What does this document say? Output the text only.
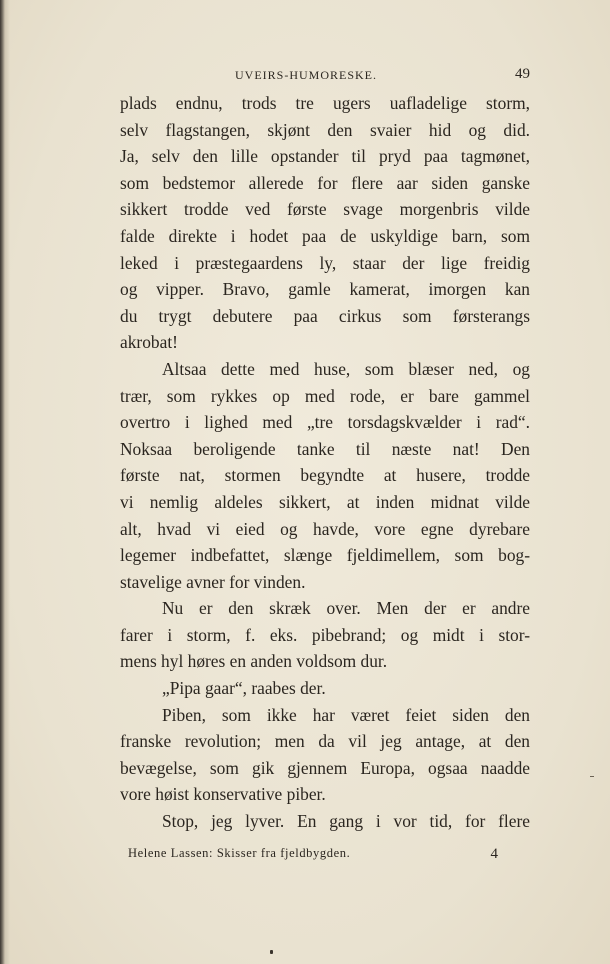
UVEIRS-HUMORESKE.	49
plads endnu, trods tre ugers uafladelige storm,
selv flagstangen, skjønt den svaier hid og did.
Ja, selv den lille opstander til pryd paa tagmønet,
som bedstemor allerede for flere aar siden ganske
sikkert trodde ved første svage morgenbris vilde
falde direkte i hodet paa de uskyldige barn, som
leked i præstegaardens ly, staar der lige freidig
og vipper. Bravo, gamle kamerat, imorgen kan
du trygt debutere paa cirkus som førsterangs
akrobat!
Altsaa dette med huse, som blæser ned, og
trær, som rykkes op med rode, er bare gammel
overtro i lighed med „tre torsdagskvælder i rad“.
Noksaa beroligende tanke til næste nat! Den
første nat, stormen begyndte at husere, trodde
vi nemlig aldeles sikkert, at inden midnat vilde
alt, hvad vi eied og havde, vore egne dyrebare
legemer indbefattet, slænge fjeldimellem, som bog-
stavelige avner for vinden.
Nu er den skræk over. Men der er andre
farer i storm, f. eks. pibebrand; og midt i stor-
mens hyl høres en anden voldsom dur.
„Pipa gaar“, raabes der.
Piben, som ikke har været feiet siden den
franske revolution; men da vil jeg antage, at den
bevægelse, som gik gjennem Europa, ogsaa naadde
vore høist konservative piber.
Stop, jeg lyver. En gang i vor tid, for flere
Helene Lassen: Skisser fra fjeldbygden.	4
